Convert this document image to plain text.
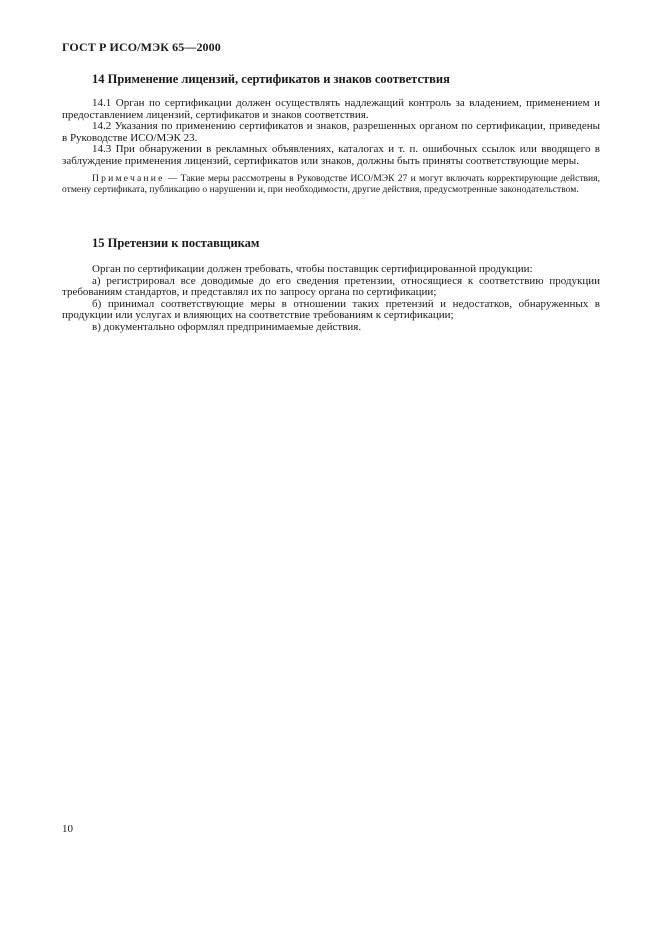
ГОСТ Р ИСО/МЭК 65—2000
14 Применение лицензий, сертификатов и знаков соответствия

14.1 Орган по сертификации должен осуществлять надлежащий контроль за владением, применением и предоставлением лицензий, сертификатов и знаков соответствия.

14.2 Указания по применению сертификатов и знаков, разрешенных органом по сертификации, приведены в Руководстве ИСО/МЭК 23.

14.3 При обнаружении в рекламных объявлениях, каталогах и т. п. ошибочных ссылок или вводящего в заблуждение применения лицензий, сертификатов или знаков, должны быть приняты соответствующие меры.

Примечание — Такие меры рассмотрены в Руководстве ИСО/МЭК 27 и могут включать корректирующие действия, отмену сертификата, публикацию о нарушении и, при необходимости, другие действия, предусмотренные законодательством.

15 Претензии к поставщикам

Орган по сертификации должен требовать, чтобы поставщик сертифицированной продукции:

а) регистрировал все доводимые до его сведения претензии, относящиеся к соответствию продукции требованиям стандартов, и представлял их по запросу органа по сертификации;

б) принимал соответствующие меры в отношении таких претензий и недостатков, обнаруженных в продукции или услугах и влияющих на соответствие требованиям к сертификации;

в) документально оформлял предпринимаемые действия.

10
